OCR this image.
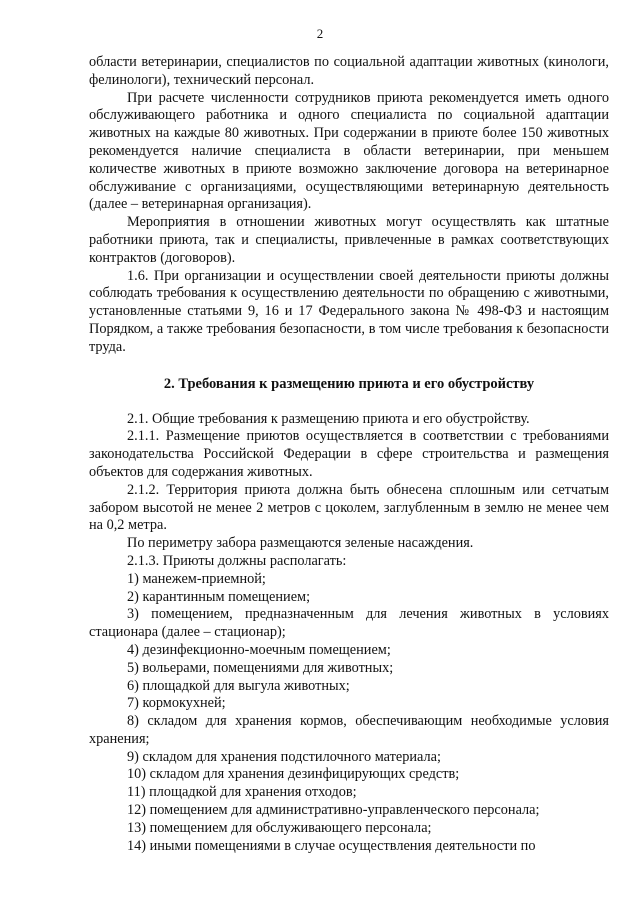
2

области ветеринарии, специалистов по социальной адаптации животных (кинологи, фелинологи), технический персонал.

При расчете численности сотрудников приюта рекомендуется иметь одного обслуживающего работника и одного специалиста по социальной адаптации животных на каждые 80 животных. При содержании в приюте более 150 животных рекомендуется наличие специалиста в области ветеринарии, при меньшем количестве животных в приюте возможно заключение договора на ветеринарное обслуживание с организациями, осуществляющими ветеринарную деятельность (далее – ветеринарная организация).

Мероприятия в отношении животных могут осуществлять как штатные работники приюта, так и специалисты, привлеченные в рамках соответствующих контрактов (договоров).

1.6. При организации и осуществлении своей деятельности приюты должны соблюдать требования к осуществлению деятельности по обращению с животными, установленные статьями 9, 16 и 17 Федерального закона № 498-ФЗ и настоящим Порядком, а также требования безопасности, в том числе требования к безопасности труда.

2. Требования к размещению приюта и его обустройству

2.1. Общие требования к размещению приюта и его обустройству.

2.1.1. Размещение приютов осуществляется в соответствии с требованиями законодательства Российской Федерации в сфере строительства и размещения объектов для содержания животных.

2.1.2. Территория приюта должна быть обнесена сплошным или сетчатым забором высотой не менее 2 метров с цоколем, заглубленным в землю не менее чем на 0,2 метра.

По периметру забора размещаются зеленые насаждения.

2.1.3. Приюты должны располагать:

1) манежем-приемной;

2) карантинным помещением;

3) помещением, предназначенным для лечения животных в условиях стационара (далее – стационар);

4) дезинфекционно-моечным помещением;

5) вольерами, помещениями для животных;

6) площадкой для выгула животных;

7) кормокухней;

8) складом для хранения кормов, обеспечивающим необходимые условия хранения;

9) складом для хранения подстилочного материала;

10) складом для хранения дезинфицирующих средств;

11) площадкой для хранения отходов;

12) помещением для административно-управленческого персонала;

13) помещением для обслуживающего персонала;

14) иными помещениями в случае осуществления деятельности по
